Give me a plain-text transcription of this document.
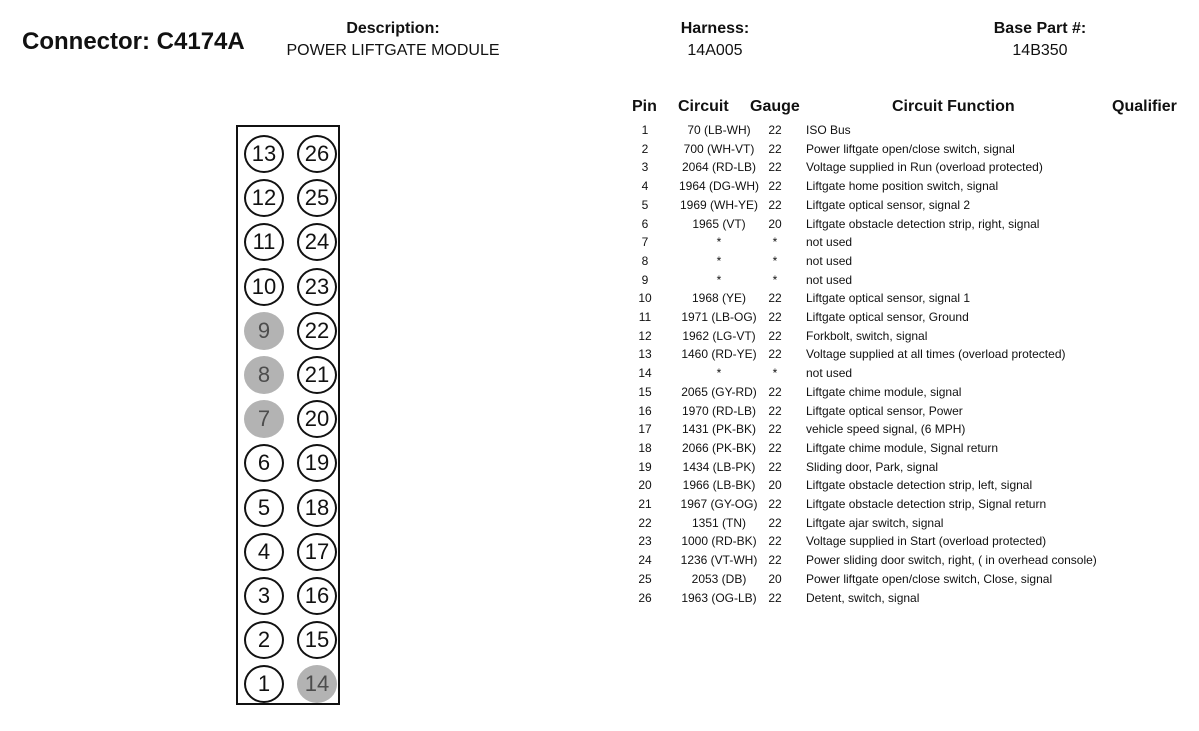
Connector: C4174A	Description:
POWER LIFTGATE MODULE
Harness:
14A005
Base Part #:
14B350
13
12
11
10
9
8
7
6
5
4
3
2
1
26
25
24
23
22
21
20
19
18
17
16
15
14
Pin Circuit Gauge	Circuit Function	Qualifier
1	70 (LB-WH)	22	ISO Bus
2	700 (WH-VT)	22	Power liftgate open/close switch, signal
3	2064 (RD-LB)	22	Voltage supplied in Run (overload protected)
4	1964 (DG-WH) 22	Liftgate home position switch, signal
5	1969 (WH-YE) 22	Liftgate optical sensor, signal 2
6	1965 (VT)	20	Liftgate obstacle detection strip, right, signal
7	*	*	not used
8	*	*	not used
9	*	*	not used
10	1968 (YE)	22	Liftgate optical sensor, signal 1
11	1971 (LB-OG) 22	Liftgate optical sensor, Ground
12	1962 (LG-VT)	22	Forkbolt, switch, signal
13	1460 (RD-YE) 22	Voltage supplied at all times (overload protected)
14	*	*	not used
15	2065 (GY-RD) 22	Liftgate chime module, signal
16	1970 (RD-LB)	22	Liftgate optical sensor, Power
17	1431 (PK-BK)	22	vehicle speed signal, (6 MPH)
18	2066 (PK-BK)	22	Liftgate chime module, Signal return
19	1434 (LB-PK)	22	Sliding door, Park, signal
20	1966 (LB-BK)	20	Liftgate obstacle detection strip, left, signal
21	1967 (GY-OG) 22	Liftgate obstacle detection strip, Signal return
22	1351 (TN)	22	Liftgate ajar switch, signal
23	1000 (RD-BK) 22	Voltage supplied in Start (overload protected)
24	1236 (VT-WH) 22	Power sliding door switch, right, ( in overhead console)
25	2053 (DB)	20	Power liftgate open/close switch, Close, signal
26	1963 (OG-LB) 22	Detent, switch, signal
